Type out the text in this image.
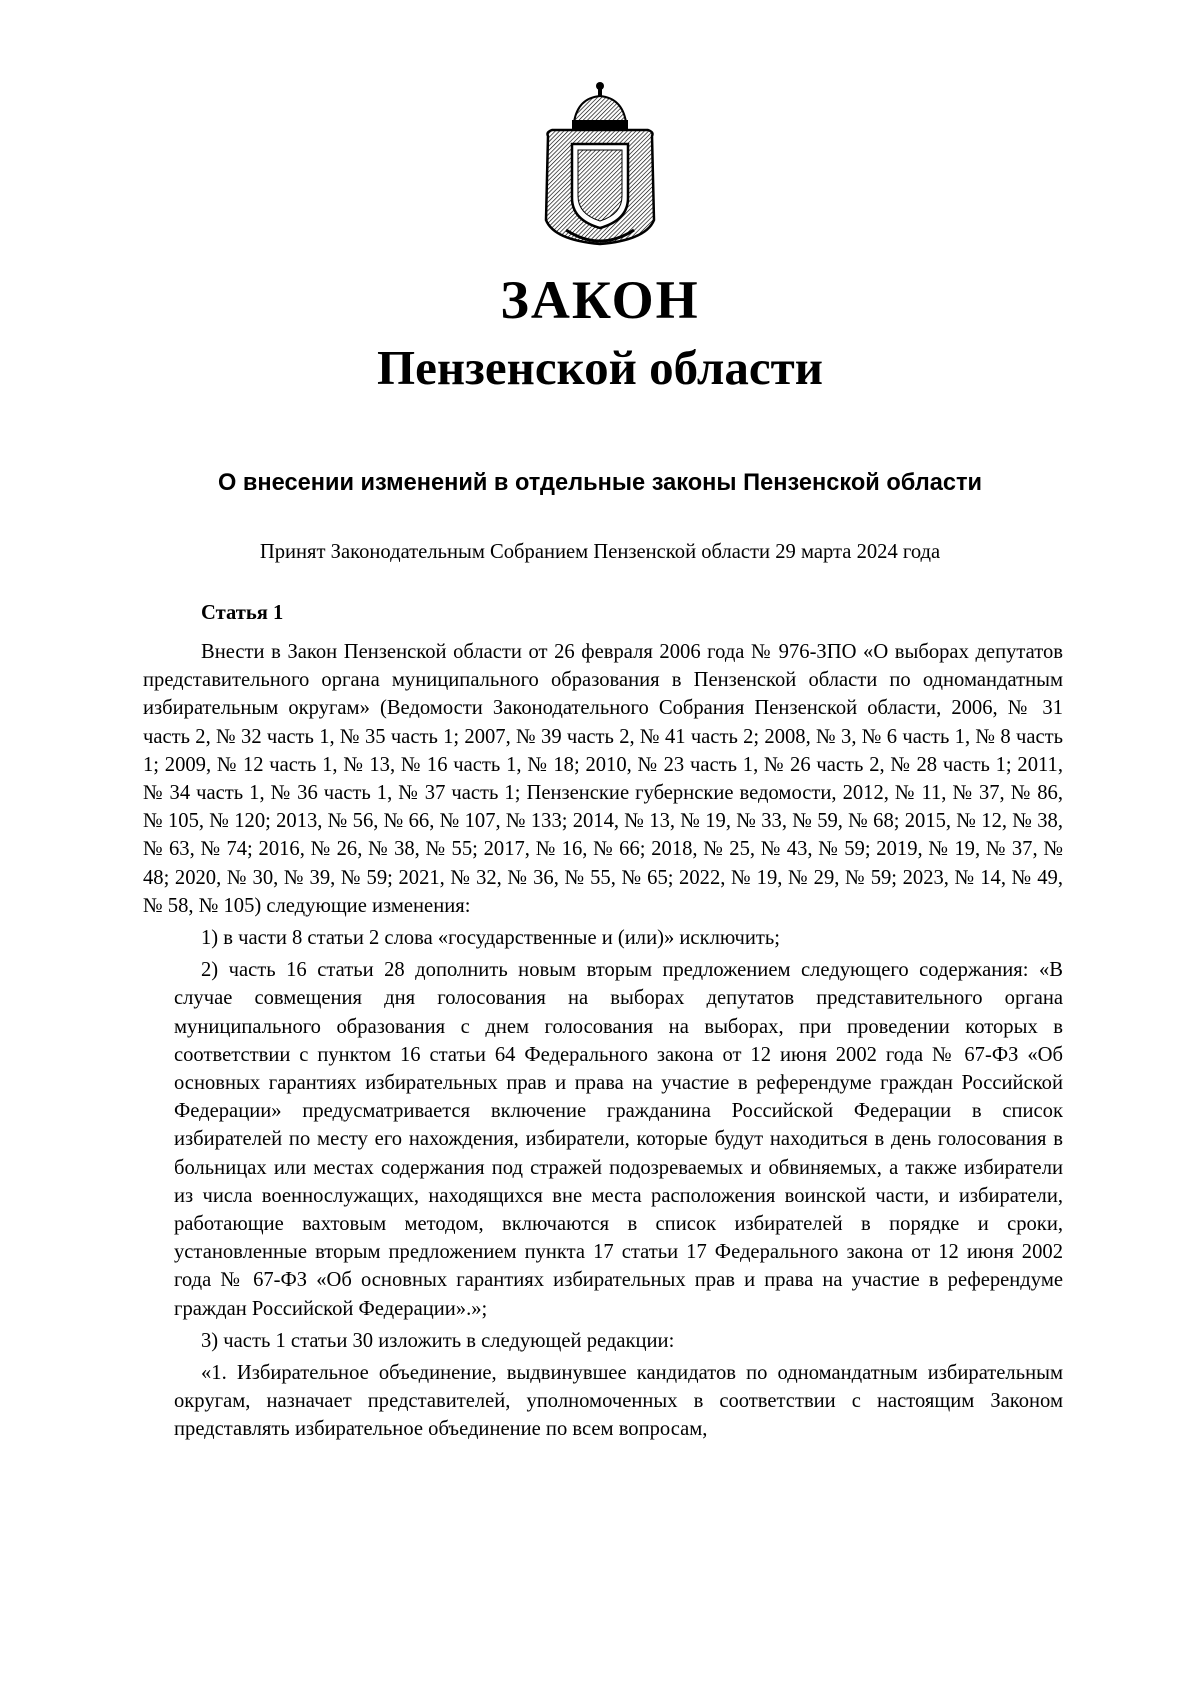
ЗАКОН
Пензенской области
О внесении изменений в отдельные законы Пензенской области

Принят Законодательным Собранием Пензенской области 29 марта 2024 года

Статья 1

Внести в Закон Пензенской области от 26 февраля 2006 года № 976-ЗПО «О выборах депутатов представительного органа муниципального образования в Пензенской области по одномандатным избирательным округам» (Ведомости Законодательного Собрания Пензенской области, 2006, № 31 часть 2, № 32 часть 1, № 35 часть 1; 2007, № 39 часть 2, № 41 часть 2; 2008, № 3, № 6 часть 1, № 8 часть 1; 2009, № 12 часть 1, № 13, № 16 часть 1, № 18; 2010, № 23 часть 1, № 26 часть 2, № 28 часть 1; 2011, № 34 часть 1, № 36 часть 1, № 37 часть 1; Пензенские губернские ведомости, 2012, № 11, № 37, № 86, № 105, № 120; 2013, № 56, № 66, № 107, № 133; 2014, № 13, № 19, № 33, № 59, № 68; 2015, № 12, № 38, № 63, № 74; 2016, № 26, № 38, № 55; 2017, № 16, № 66; 2018, № 25, № 43, № 59; 2019, № 19, № 37, № 48; 2020, № 30, № 39, № 59; 2021, № 32, № 36, № 55, № 65; 2022, № 19, № 29, № 59; 2023, № 14, № 49, № 58, № 105) следующие изменения:

1) в части 8 статьи 2 слова «государственные и (или)» исключить;

2) часть 16 статьи 28 дополнить новым вторым предложением следующего содержания: «В случае совмещения дня голосования на выборах депутатов представительного органа муниципального образования с днем голосования на выборах, при проведении которых в соответствии с пунктом 16 статьи 64 Федерального закона от 12 июня 2002 года № 67-ФЗ «Об основных гарантиях избирательных прав и права на участие в референдуме граждан Российской Федерации» предусматривается включение гражданина Российской Федерации в список избирателей по месту его нахождения, избиратели, которые будут находиться в день голосования в больницах или местах содержания под стражей подозреваемых и обвиняемых, а также избиратели из числа военнослужащих, находящихся вне места расположения воинской части, и избиратели, работающие вахтовым методом, включаются в список избирателей в порядке и сроки, установленные вторым предложением пункта 17 статьи 17 Федерального закона от 12 июня 2002 года № 67-ФЗ «Об основных гарантиях избирательных прав и права на участие в референдуме граждан Российской Федерации».»;

3) часть 1 статьи 30 изложить в следующей редакции:

«1. Избирательное объединение, выдвинувшее кандидатов по одномандатным избирательным округам, назначает представителей, уполномоченных в соответствии с настоящим Законом представлять избирательное объединение по всем вопросам,
